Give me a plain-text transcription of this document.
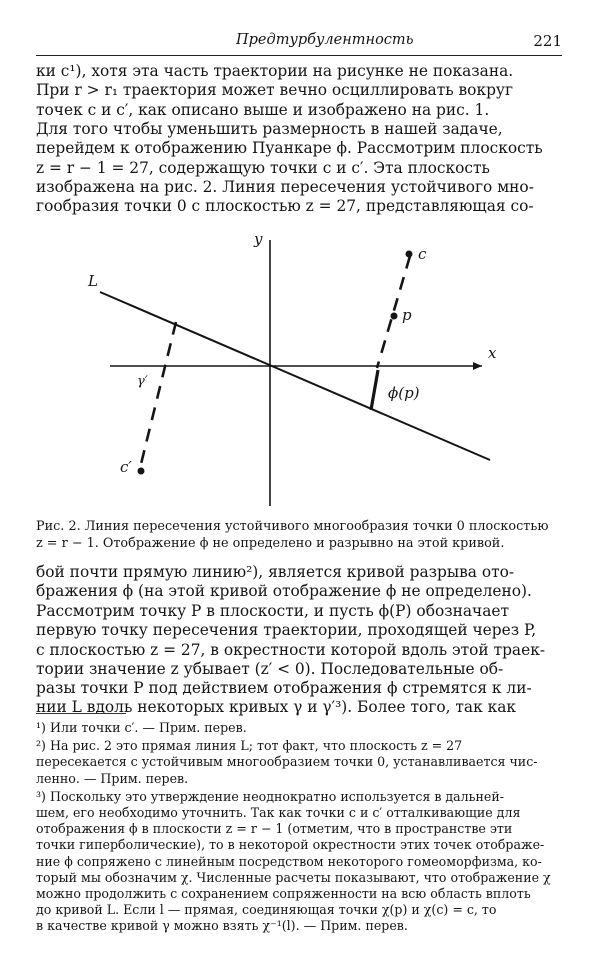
Предтурбулентность	221

ки c¹), хотя эта часть траектории на рисунке не показана.
При r > r₁ траектория может вечно осциллировать вокруг
точек c и c′, как описано выше и изображено на рис. 1.

Для того чтобы уменьшить размерность в нашей задаче,
перейдем к отображению Пуанкаре ϕ. Рассмотрим плоскость
z = r − 1 = 27, содержащую точки c и c′. Эта плоскость
изображена на рис. 2. Линия пересечения устойчивого мно-
гообразия точки 0 с плоскостью z = 27, представляющая со-

y
x
L
c
p
c′
γ′
ϕ(p)

Рис. 2. Линия пересечения устойчивого многообразия точки 0 плоскостью
z = r − 1. Отображение ϕ не определено и разрывно на этой кривой.

бой почти прямую линию²), является кривой разрыва ото-
бражения ϕ (на этой кривой отображение ϕ не определено).

Рассмотрим точку P в плоскости, и пусть ϕ(P) обозначает
первую точку пересечения траектории, проходящей через P,
с плоскостью z = 27, в окрестности которой вдоль этой траек-
тории значение z убывает (z′ < 0). Последовательные об-
разы точки P под действием отображения ϕ стремятся к ли-
нии L вдоль некоторых кривых γ и γ′³). Более того, так как

¹) Или точки c′. — Прим. перев.

²) На рис. 2 это прямая линия L; тот факт, что плоскость z = 27
пересекается с устойчивым многообразием точки 0, устанавливается чис-
ленно. — Прим. перев.

³) Поскольку это утверждение неоднократно используется в дальней-
шем, его необходимо уточнить. Так как точки c и c′ отталкивающие для
отображения ϕ в плоскости z = r − 1 (отметим, что в пространстве эти
точки гиперболические), то в некоторой окрестности этих точек отображе-
ние ϕ сопряжено с линейным посредством некоторого гомеоморфизма, ко-
торый мы обозначим χ. Численные расчеты показывают, что отображение χ
можно продолжить с сохранением сопряженности на всю область вплоть
до кривой L. Если l — прямая, соединяющая точки χ(p) и χ(c) = c, то
в качестве кривой γ можно взять χ⁻¹(l). — Прим. перев.
